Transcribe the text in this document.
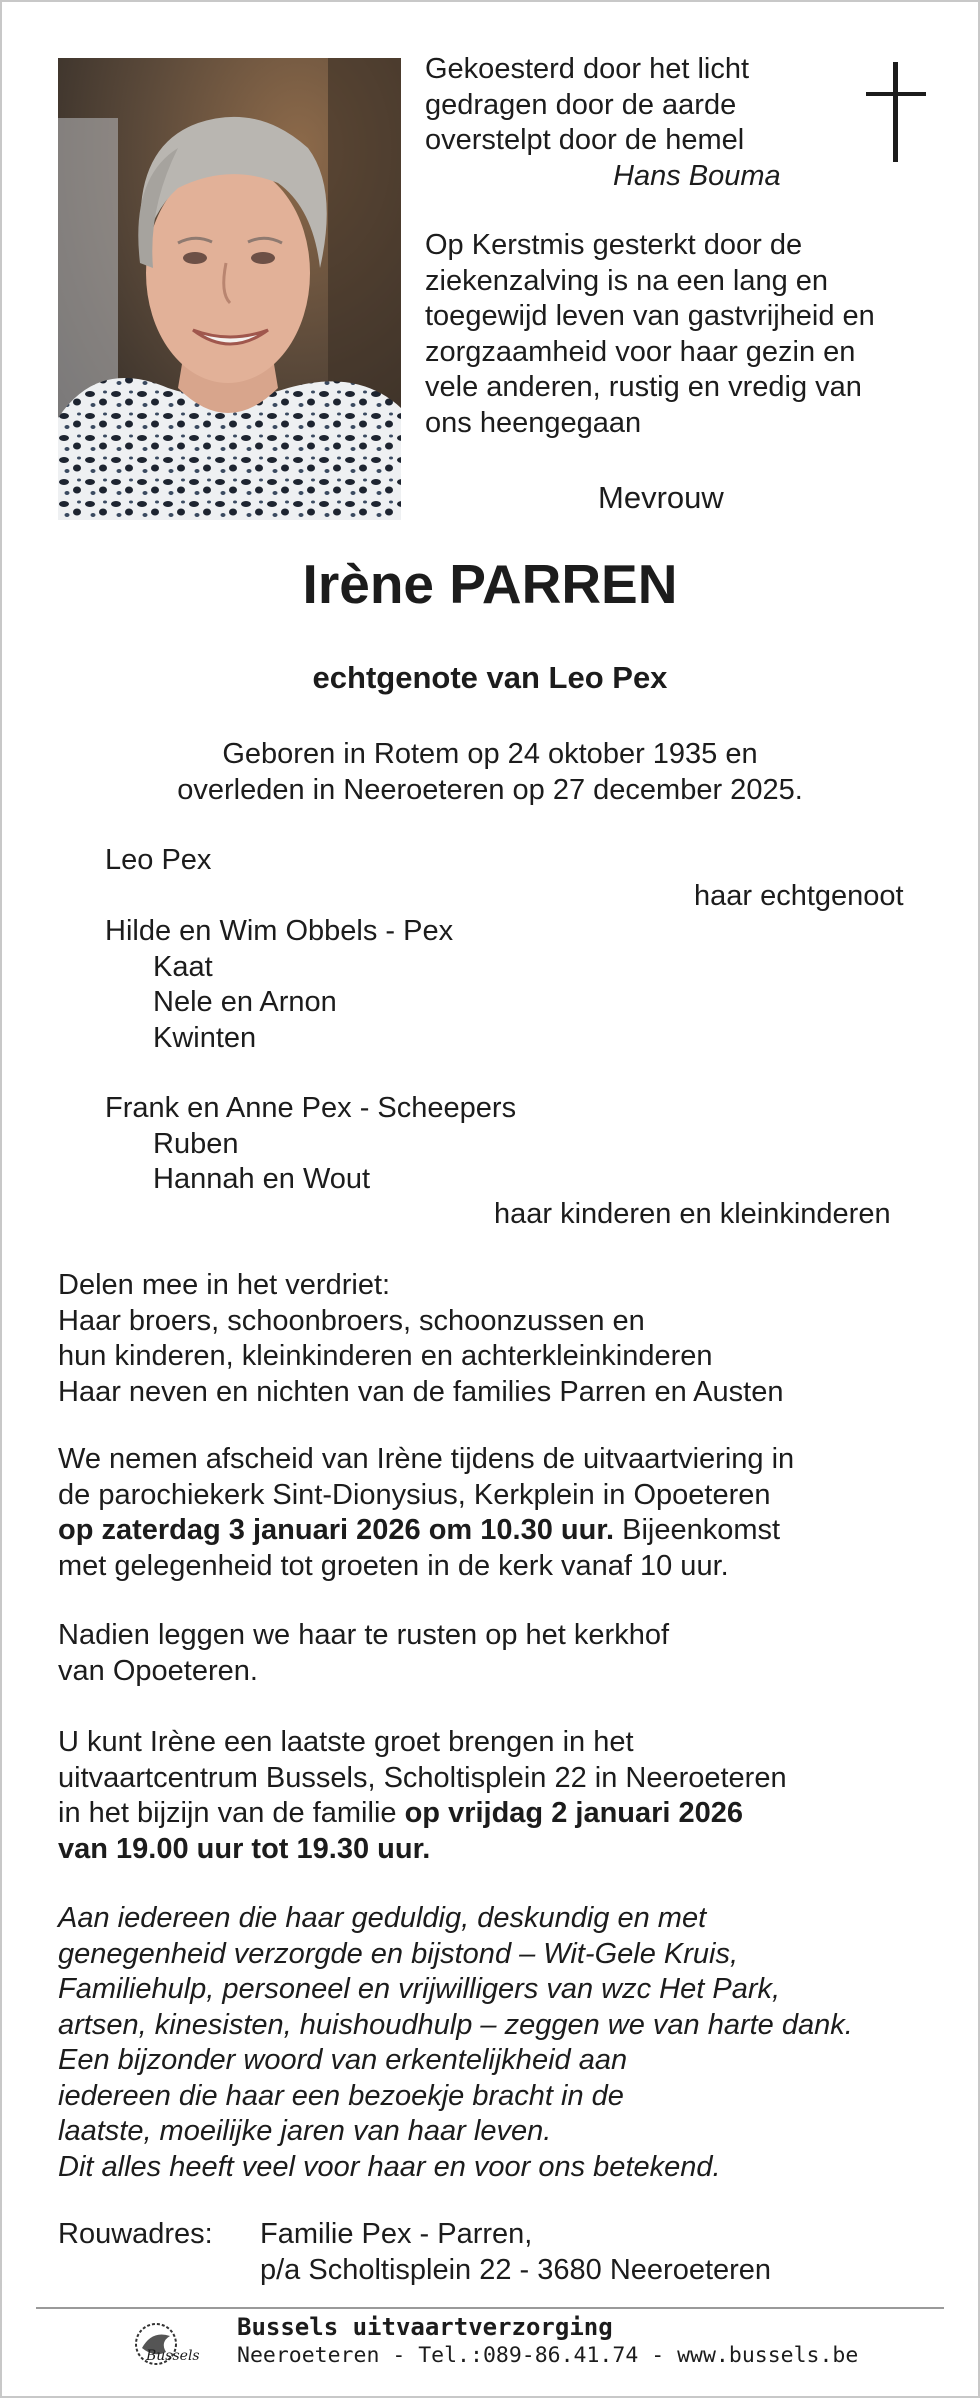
Gekoesterd door het licht
gedragen door de aarde
overstelpt door de hemel
Hans Bouma
Op Kerstmis gesterkt door de
ziekenzalving is na een lang en
toegewijd leven van gastvrijheid en
zorgzaamheid voor haar gezin en
vele anderen, rustig en vredig van
ons heengegaan
Mevrouw
Irène PARREN
echtgenote van Leo Pex
Geboren in Rotem op 24 oktober 1935 en
overleden in Neeroeteren op 27 december 2025.
Leo Pex
haar echtgenoot
Hilde en Wim Obbels - Pex
Kaat
Nele en Arnon
Kwinten
Frank en Anne Pex - Scheepers
Ruben
Hannah en Wout
haar kinderen en kleinkinderen
Delen mee in het verdriet:
Haar broers, schoonbroers, schoonzussen en
hun kinderen, kleinkinderen en achterkleinkinderen
Haar neven en nichten van de families Parren en Austen
We nemen afscheid van Irène tijdens de uitvaartviering in
de parochiekerk Sint-Dionysius, Kerkplein in Opoeteren
op zaterdag 3 januari 2026 om 10.30 uur. Bijeenkomst
met gelegenheid tot groeten in de kerk vanaf 10 uur.
Nadien leggen we haar te rusten op het kerkhof
van Opoeteren.
U kunt Irène een laatste groet brengen in het
uitvaartcentrum Bussels, Scholtisplein 22 in Neeroeteren
in het bijzijn van de familie op vrijdag 2 januari 2026
van 19.00 uur tot 19.30 uur.
Aan iedereen die haar geduldig, deskundig en met
genegenheid verzorgde en bijstond – Wit-Gele Kruis,
Familiehulp, personeel en vrijwilligers van wzc Het Park,
artsen, kinesisten, huishoudhulp – zeggen we van harte dank.
Een bijzonder woord van erkentelijkheid aan
iedereen die haar een bezoekje bracht in de
laatste, moeilijke jaren van haar leven.
Dit alles heeft veel voor haar en voor ons betekend.
Rouwadres: Familie Pex - Parren,
p/a Scholtisplein 22 - 3680 Neeroeteren
Bussels
Bussels uitvaartverzorging
Neeroeteren - Tel.:089-86.41.74 - www.bussels.be
